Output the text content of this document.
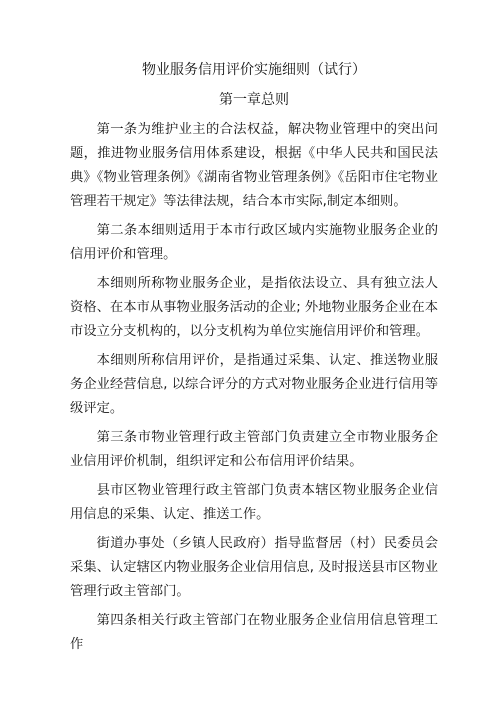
物业服务信用评价实施细则（试行）
第一章总则

第一条为维护业主的合法权益，解决物业管理中的突出问题，推进物业服务信用体系建设，根据《中华人民共和国民法典》《物业管理条例》《湖南省物业管理条例》《岳阳市住宅物业管理若干规定》等法律法规，结合本市实际,制定本细则。

第二条本细则适用于本市行政区域内实施物业服务企业的信用评价和管理。

本细则所称物业服务企业，是指依法设立、具有独立法人资格、在本市从事物业服务活动的企业; 外地物业服务企业在本市设立分支机构的，以分支机构为单位实施信用评价和管理。

本细则所称信用评价，是指通过采集、认定、推送物业服务企业经营信息, 以综合评分的方式对物业服务企业进行信用等级评定。

第三条市物业管理行政主管部门负责建立全市物业服务企业信用评价机制，组织评定和公布信用评价结果。

县市区物业管理行政主管部门负责本辖区物业服务企业信用信息的采集、认定、推送工作。

街道办事处（乡镇人民政府）指导监督居（村）民委员会采集、认定辖区内物业服务企业信用信息, 及时报送县市区物业管理行政主管部门。

第四条相关行政主管部门在物业服务企业信用信息管理工作
